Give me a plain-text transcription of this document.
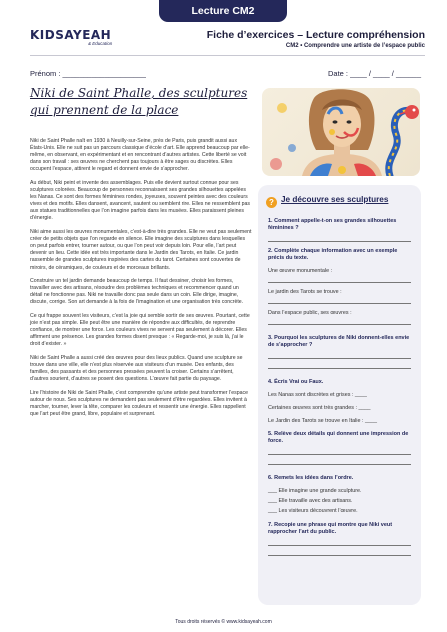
Lecture CM2
KIDSAYEAH
& Education
Fiche d’exercices – Lecture compréhension
CM2 • Comprendre une artiste de l’espace public
Prénom : ____________________	Date : ____ / ____ / ______
Niki de Saint Phalle, des sculptures qui prennent de la place

Niki de Saint Phalle naît en 1930 à Neuilly-sur-Seine, près de Paris, puis grandit aussi aux États-Unis. Elle ne suit pas un parcours classique d’école d’art. Elle apprend beaucoup par elle-même, en observant, en expérimentant et en rencontrant d’autres artistes. Cette liberté se voit dans son travail : ses œuvres ne cherchent pas toujours à être sages ou discrètes. Elles occupent l’espace, attirent le regard et donnent envie de s’approcher.

Au début, Niki peint et invente des assemblages. Puis elle devient surtout connue pour ses sculptures colorées. Beaucoup de personnes reconnaissent ses grandes silhouettes appelées les Nanas. Ce sont des formes féminines rondes, joyeuses, souvent peintes avec des couleurs vives et des motifs. Elles dansent, avancent, sautent ou semblent rire. Elles ne ressemblent pas aux statues traditionnelles que l’on imagine parfois dans les musées. Elles paraissent pleines d’énergie.

Niki aime aussi les œuvres monumentales, c’est-à-dire très grandes. Elle ne veut pas seulement créer de petits objets que l’on regarde en silence. Elle imagine des sculptures dans lesquelles on peut parfois entrer, tourner autour, ou que l’on peut voir depuis loin. Pour elle, l’art peut devenir un lieu. Cette idée est très importante dans le Jardin des Tarots, en Italie. Ce jardin rassemble de grandes sculptures inspirées des cartes du tarot. Certaines sont couvertes de miroirs, de céramiques, de couleurs et de morceaux brillants.

Construire un tel jardin demande beaucoup de temps. Il faut dessiner, choisir les formes, travailler avec des artisans, résoudre des problèmes techniques et recommencer quand un détail ne fonctionne pas. Niki ne travaille donc pas seule dans un coin. Elle dirige, imagine, discute, corrige. Son art demande à la fois de l’imagination et une organisation très concrète.

Ce qui frappe souvent les visiteurs, c’est la joie qui semble sortir de ses œuvres. Pourtant, cette joie n’est pas simple. Elle peut être une manière de répondre aux difficultés, de reprendre confiance, de montrer une force. Les couleurs vives ne servent pas seulement à décorer. Elles affirment une présence. Les grandes formes disent presque : « Regarde-moi, je suis là, j’ai le droit d’exister. »

Niki de Saint Phalle a aussi créé des œuvres pour des lieux publics. Quand une sculpture se trouve dans une ville, elle n’est plus réservée aux visiteurs d’un musée. Des enfants, des familles, des passants et des personnes pressées peuvent la croiser. Certains s’arrêtent, d’autres sourient, d’autres se posent des questions. L’œuvre fait partie du paysage.

Lire l’histoire de Niki de Saint Phalle, c’est comprendre qu’une artiste peut transformer l’espace autour de nous. Ses sculptures ne demandent pas seulement d’être regardées. Elles invitent à marcher, tourner, lever la tête, comparer les couleurs et ressentir une énergie. Elles rappellent que l’art peut être grand, libre, populaire et surprenant.

? Je découvre ses sculptures
1. Comment appelle-t-on ses grandes silhouettes féminines ?
2. Complète chaque information avec un exemple précis du texte.
Une œuvre monumentale :
Le jardin des Tarots se trouve :
Dans l’espace public, ses œuvres :
3. Pourquoi les sculptures de Niki donnent-elles envie de s’approcher ?
4. Écris Vrai ou Faux.
Les Nanas sont discrètes et grises : ____
Certaines œuvres sont très grandes : ____
Le Jardin des Tarots se trouve en Italie : ____
5. Relève deux détails qui donnent une impression de force.
6. Remets les idées dans l’ordre.
___ Elle imagine une grande sculpture.
___ Elle travaille avec des artisans.
___ Les visiteurs découvrent l’œuvre.
7. Recopie une phrase qui montre que Niki veut rapprocher l’art du public.
Tous droits réservés © www.kidsayeah.com
